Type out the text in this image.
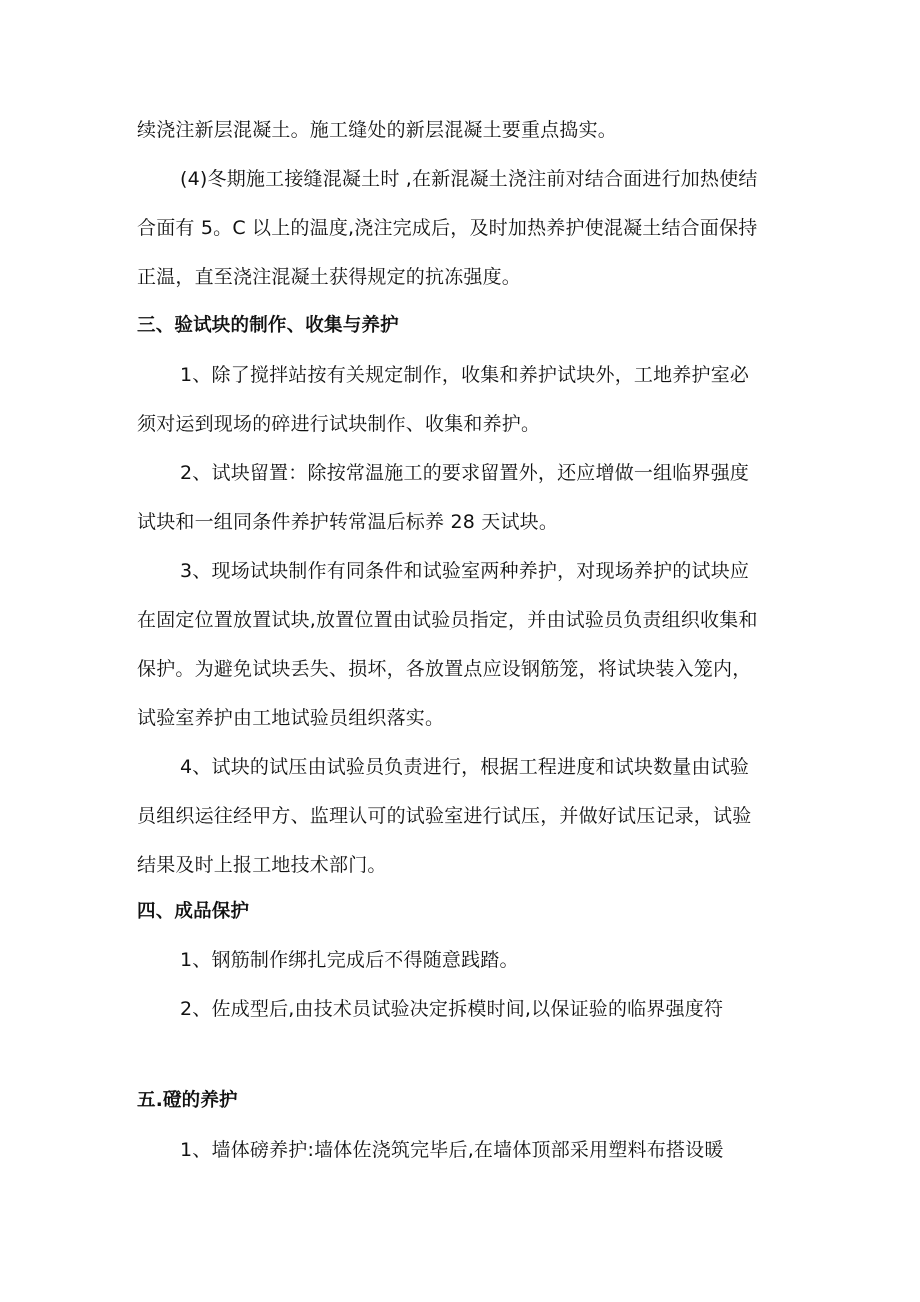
续浇注新层混凝土。施工缝处的新层混凝土要重点捣实。
(4)冬期施工接缝混凝土时 ,在新混凝土浇注前对结合面进行加热使结
合面有 5。C 以上的温度,浇注完成后，及时加热养护使混凝土结合面保持
正温，直至浇注混凝土获得规定的抗冻强度。
三、验试块的制作、收集与养护
1、除了搅拌站按有关规定制作，收集和养护试块外，工地养护室必
须对运到现场的碎进行试块制作、收集和养护。
2、试块留置：除按常温施工的要求留置外，还应增做一组临界强度
试块和一组同条件养护转常温后标养 28 天试块。
3、现场试块制作有同条件和试验室两种养护，对现场养护的试块应
在固定位置放置试块,放置位置由试验员指定，并由试验员负责组织收集和
保护。为避免试块丢失、损坏，各放置点应设钢筋笼，将试块装入笼内，
试验室养护由工地试验员组织落实。
4、试块的试压由试验员负责进行，根据工程进度和试块数量由试验
员组织运往经甲方、监理认可的试验室进行试压，并做好试压记录，试验
结果及时上报工地技术部门。
四、成品保护
1、钢筋制作绑扎完成后不得随意践踏。
2、佐成型后,由技术员试验决定拆模时间,以保证验的临界强度符
五.磴的养护
1、墙体磅养护:墙体佐浇筑完毕后,在墙体顶部采用塑料布搭设暖
